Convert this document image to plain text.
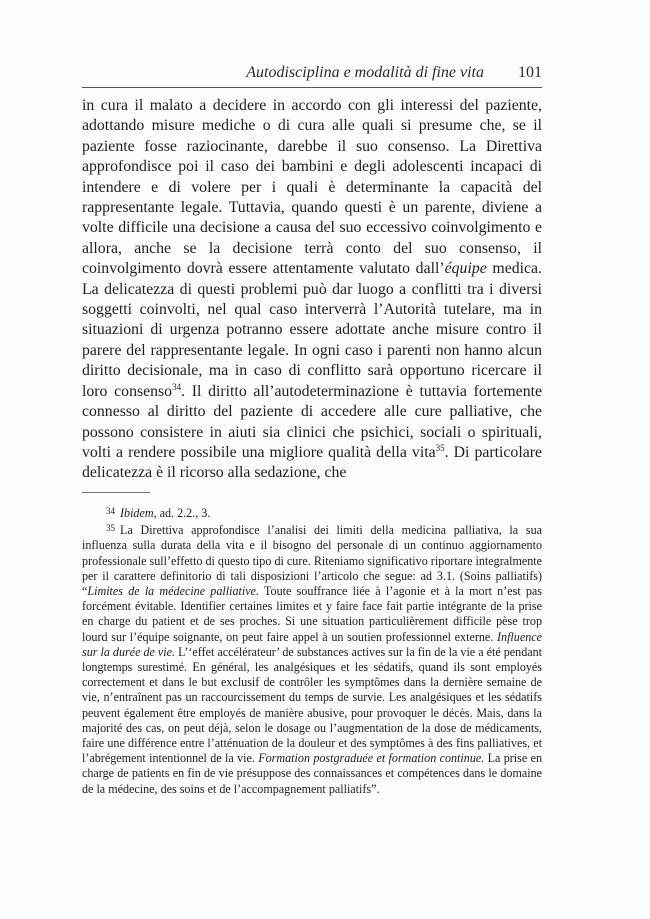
Autodisciplina e modalità di fine vita 101

in cura il malato a decidere in accordo con gli interessi del paziente, adottando misure mediche o di cura alle quali si presume che, se il paziente fosse raziocinante, darebbe il suo consenso. La Direttiva approfondisce poi il caso dei bambini e degli adolescenti incapaci di intendere e di volere per i quali è determinante la capacità del rappresentante legale. Tuttavia, quando questi è un parente, diviene a volte difficile una decisione a causa del suo eccessivo coinvolgimento e allora, anche se la decisione terrà conto del suo consenso, il coinvolgimento dovrà essere attentamente valutato dall’équipe medica. La delicatezza di questi problemi può dar luogo a conflitti tra i diversi soggetti coinvolti, nel qual caso interverrà l’Autorità tutelare, ma in situazioni di urgenza potranno essere adottate anche misure contro il parere del rappresentante legale. In ogni caso i parenti non hanno alcun diritto decisionale, ma in caso di conflitto sarà opportuno ricercare il loro consenso$^{34}$. Il diritto all’autodeterminazione è tuttavia fortemente connesso al diritto del paziente di accedere alle cure palliative, che possono consistere in aiuti sia clinici che psichici, sociali o spirituali, volti a rendere possibile una migliore qualità della vita$^{35}$. Di particolare delicatezza è il ricorso alla sedazione, che

$^{34}$ Ibidem, ad. 2.2., 3.

$^{35}$ La Direttiva approfondisce l’analisi dei limiti della medicina palliativa, la sua influenza sulla durata della vita e il bisogno del personale di un continuo aggiornamento professionale sull’effetto di questo tipo di cure. Riteniamo significativo riportare integralmente per il carattere definitorio di tali disposizioni l’articolo che segue: ad 3.1. (Soins palliatifs) “Limites de la médecine palliative. Toute souffrance liée à l’agonie et à la mort n’est pas forcément évitable. Identifier certaines limites et y faire face fait partie intégrante de la prise en charge du patient et de ses proches. Si une situation particulièrement difficile pèse trop lourd sur l’équipe soignante, on peut faire appel à un soutien professionnel externe. Influence sur la durée de vie. L’‘effet accélérateur’ de substances actives sur la fin de la vie a été pendant longtemps surestimé. En général, les analgésiques et les sédatifs, quand ils sont employés correctement et dans le but exclusif de contrôler les symptômes dans la dernière semaine de vie, n’entraînent pas un raccourcissement du temps de survie. Les analgésiques et les sédatifs peuvent également être employés de manière abusive, pour provoquer le décès. Mais, dans la majorité des cas, on peut déjà, selon le dosage ou l’augmentation de la dose de médicaments, faire une différence entre l’atténuation de la douleur et des symptômes à des fins palliatives, et l’abrégement intentionnel de la vie. Formation postgraduée et formation continue. La prise en charge de patients en fin de vie présuppose des connaissances et compétences dans le domaine de la médecine, des soins et de l’accompagnement palliatifs”.
